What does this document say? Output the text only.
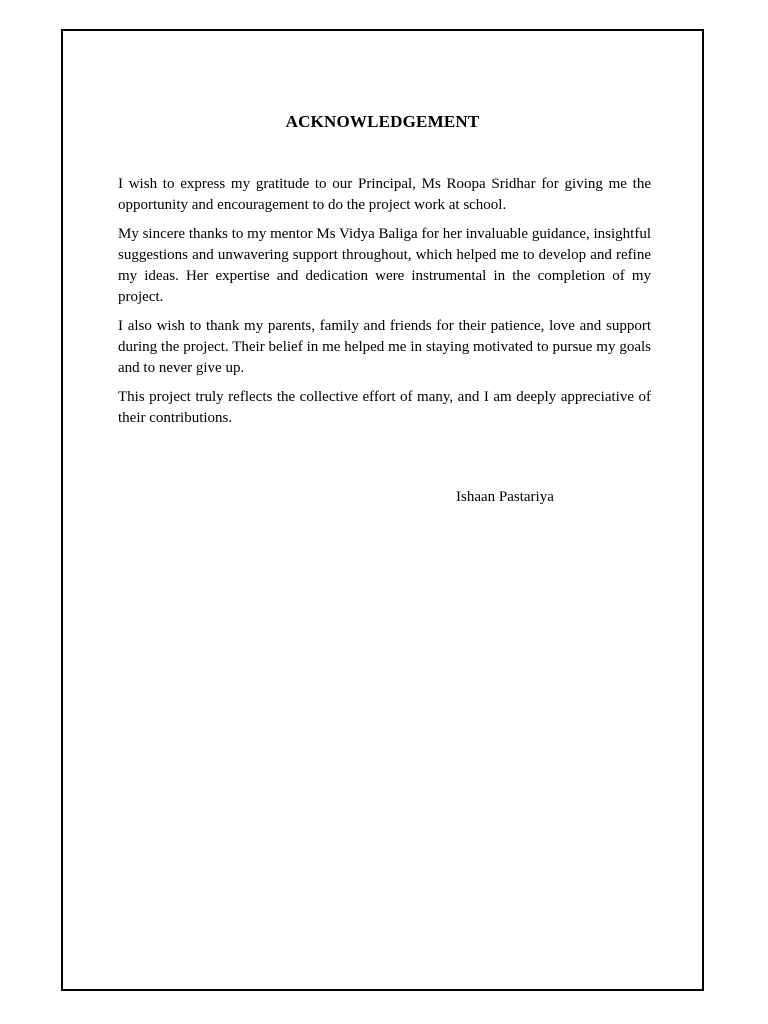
ACKNOWLEDGEMENT

I wish to express my gratitude to our Principal, Ms Roopa Sridhar for giving me the opportunity and encouragement to do the project work at school.

My sincere thanks to my mentor Ms Vidya Baliga for her invaluable guidance, insightful suggestions and unwavering support throughout, which helped me to develop and refine my ideas. Her expertise and dedication were instrumental in the completion of my project.

I also wish to thank my parents, family and friends for their patience, love and support during the project. Their belief in me helped me in staying motivated to pursue my goals and to never give up.

This project truly reflects the collective effort of many, and I am deeply appreciative of their contributions.

Ishaan Pastariya
